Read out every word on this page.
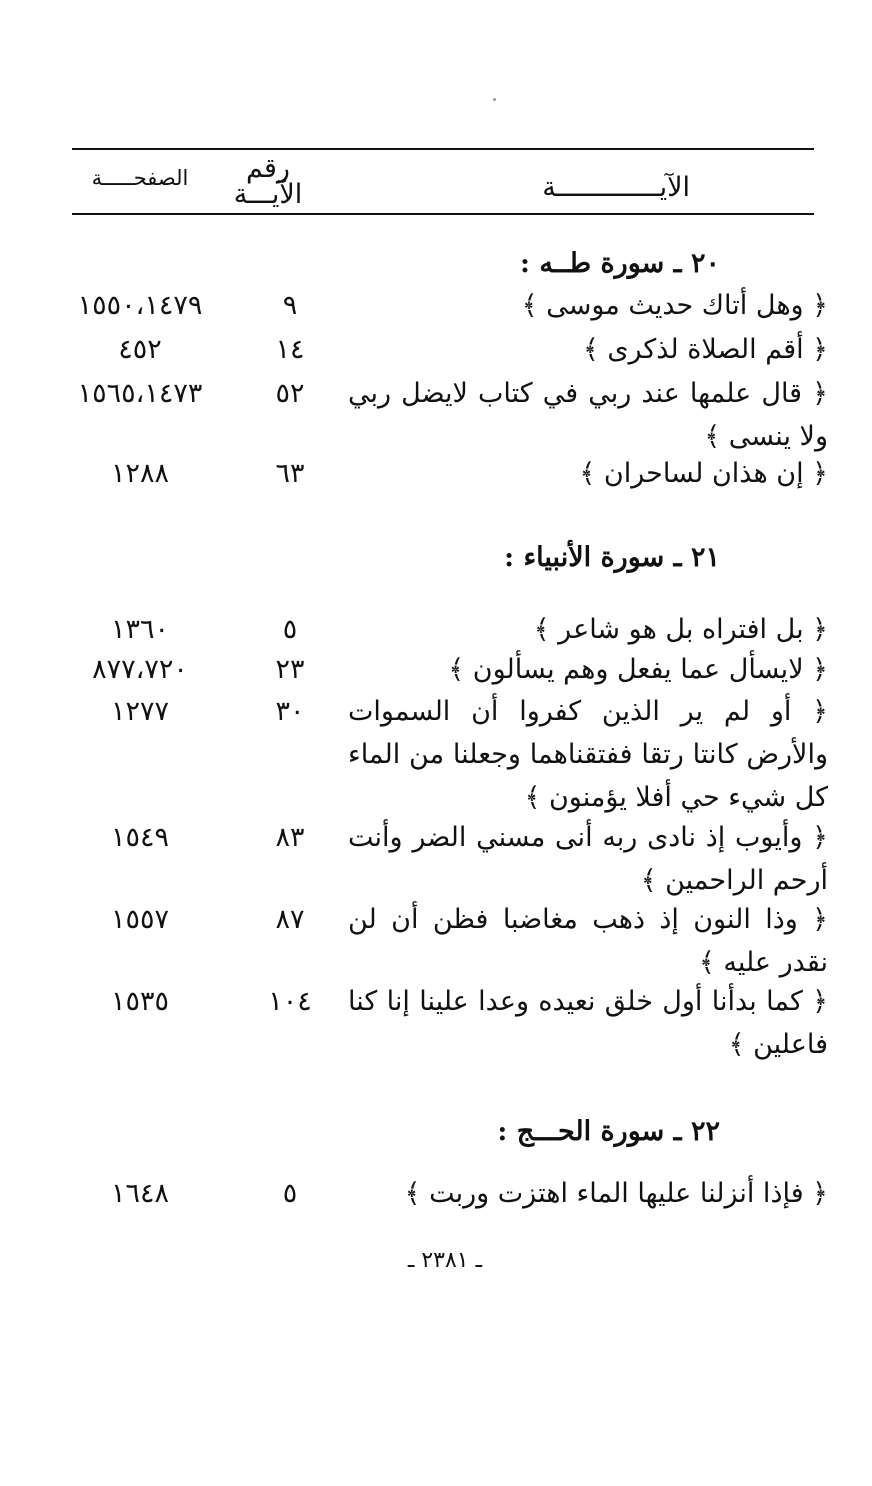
الآيـــــــــــــة
رقم
الآيـــة
الصفحـــــة
٢٠ ـ سورة طــه :
﴿ وهل أتاك حديث موسى ﴾
٩
١٥٥٠،١٤٧٩
﴿ أقم الصلاة لذكرى ﴾
١٤
٤٥٢
﴿ قال علمها عند ربي في كتاب لايضل ربي ولا ينسى ﴾
٥٢
١٥٦٥،١٤٧٣
﴿ إن هذان لساحران ﴾
٦٣
١٢٨٨
٢١ ـ سورة الأنبياء :
﴿ بل افتراه بل هو شاعر ﴾
٥
١٣٦٠
﴿ لايسأل عما يفعل وهم يسألون ﴾
٢٣
٨٧٧،٧٢٠
﴿ أو لم ير الذين كفروا أن السموات والأرض كانتا رتقا ففتقناهما وجعلنا من الماء كل شيء حي أفلا يؤمنون ﴾
٣٠
١٢٧٧
﴿ وأيوب إذ نادى ربه أنى مسني الضر وأنت أرحم الراحمين ﴾
٨٣
١٥٤٩
﴿ وذا النون إذ ذهب مغاضبا فظن أن لن نقدر عليه ﴾
٨٧
١٥٥٧
﴿ كما بدأنا أول خلق نعيده وعدا علينا إنا كنا فاعلين ﴾
١٠٤
١٥٣٥
٢٢ ـ سورة الحـــج :
﴿ فإذا أنزلنا عليها الماء اهتزت وربت ﴾
٥
١٦٤٨
ـ ٢٣٨١ ـ
